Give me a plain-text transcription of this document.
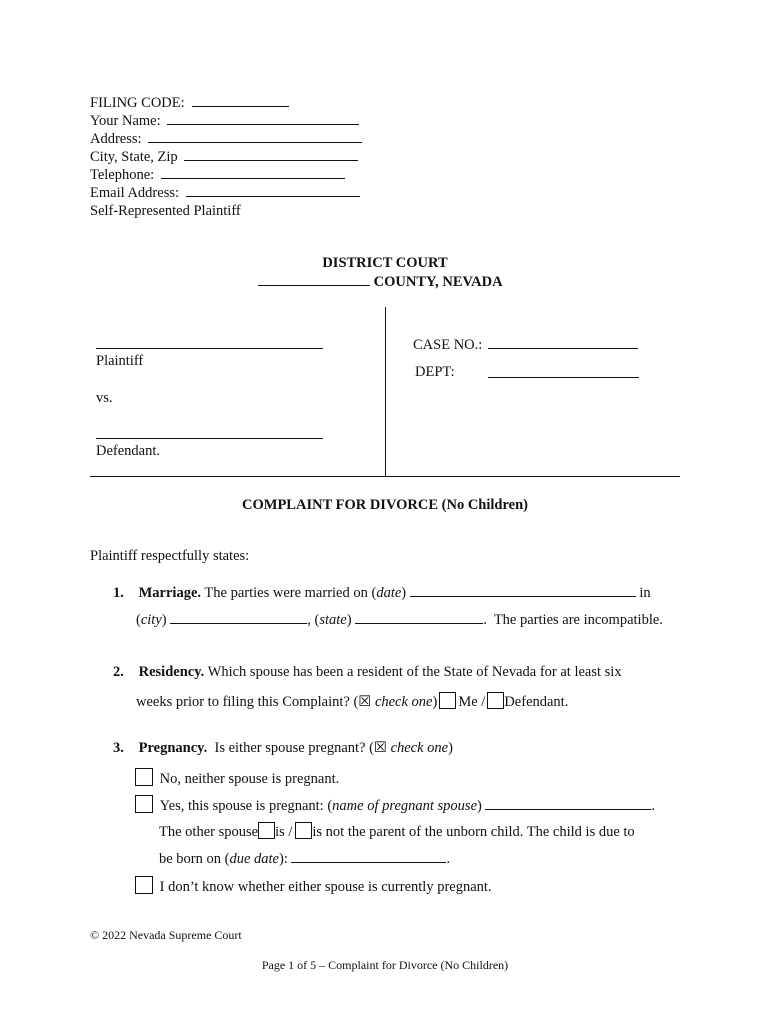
FILING CODE:
Your Name:
Address:
City, State, Zip
Telephone:
Email Address:
Self-Represented Plaintiff
DISTRICT COURT
COUNTY, NEVADA
Plaintiff
vs.
Defendant.
CASE NO.:
DEPT:
COMPLAINT FOR DIVORCE (No Children)
Plaintiff respectfully states:
1. Marriage. The parties were married on (date)	in
(city)	, (state)	.  The parties are incompatible.
2. Residency. Which spouse has been a resident of the State of Nevada for at least six
weeks prior to filing this Complaint? (☒ check one) Me / Defendant.
3. Pregnancy. Is either spouse pregnant? (☒ check one)
No, neither spouse is pregnant.
Yes, this spouse is pregnant: (name of pregnant spouse)	.
The other spouse is / is not the parent of the unborn child. The child is due to
be born on (due date):	.
I don’t know whether either spouse is currently pregnant.
© 2022 Nevada Supreme Court
Page 1 of 5 – Complaint for Divorce (No Children)
